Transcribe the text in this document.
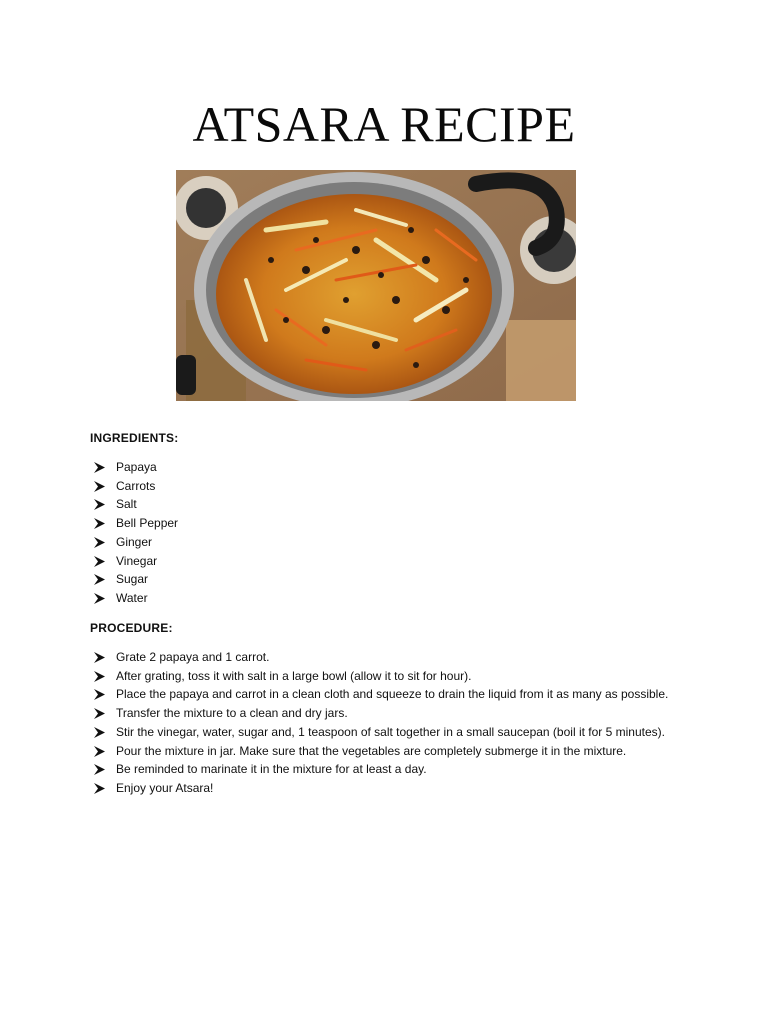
ATSARA RECIPE
INGREDIENTS:
Papaya
Carrots
Salt
Bell Pepper
Ginger
Vinegar
Sugar
Water
PROCEDURE:
Grate 2 papaya and 1 carrot.
After grating, toss it with salt in a large bowl (allow it to sit for hour).
Place the papaya and carrot in a clean cloth and squeeze to drain the liquid from it as many as possible.
Transfer the mixture to a clean and dry jars.
Stir the vinegar, water, sugar and, 1 teaspoon of salt together in a small saucepan (boil it for 5 minutes).
Pour the mixture in jar. Make sure that the vegetables are completely submerge it in the mixture.
Be reminded to marinate it in the mixture for at least a day.
Enjoy your Atsara!
